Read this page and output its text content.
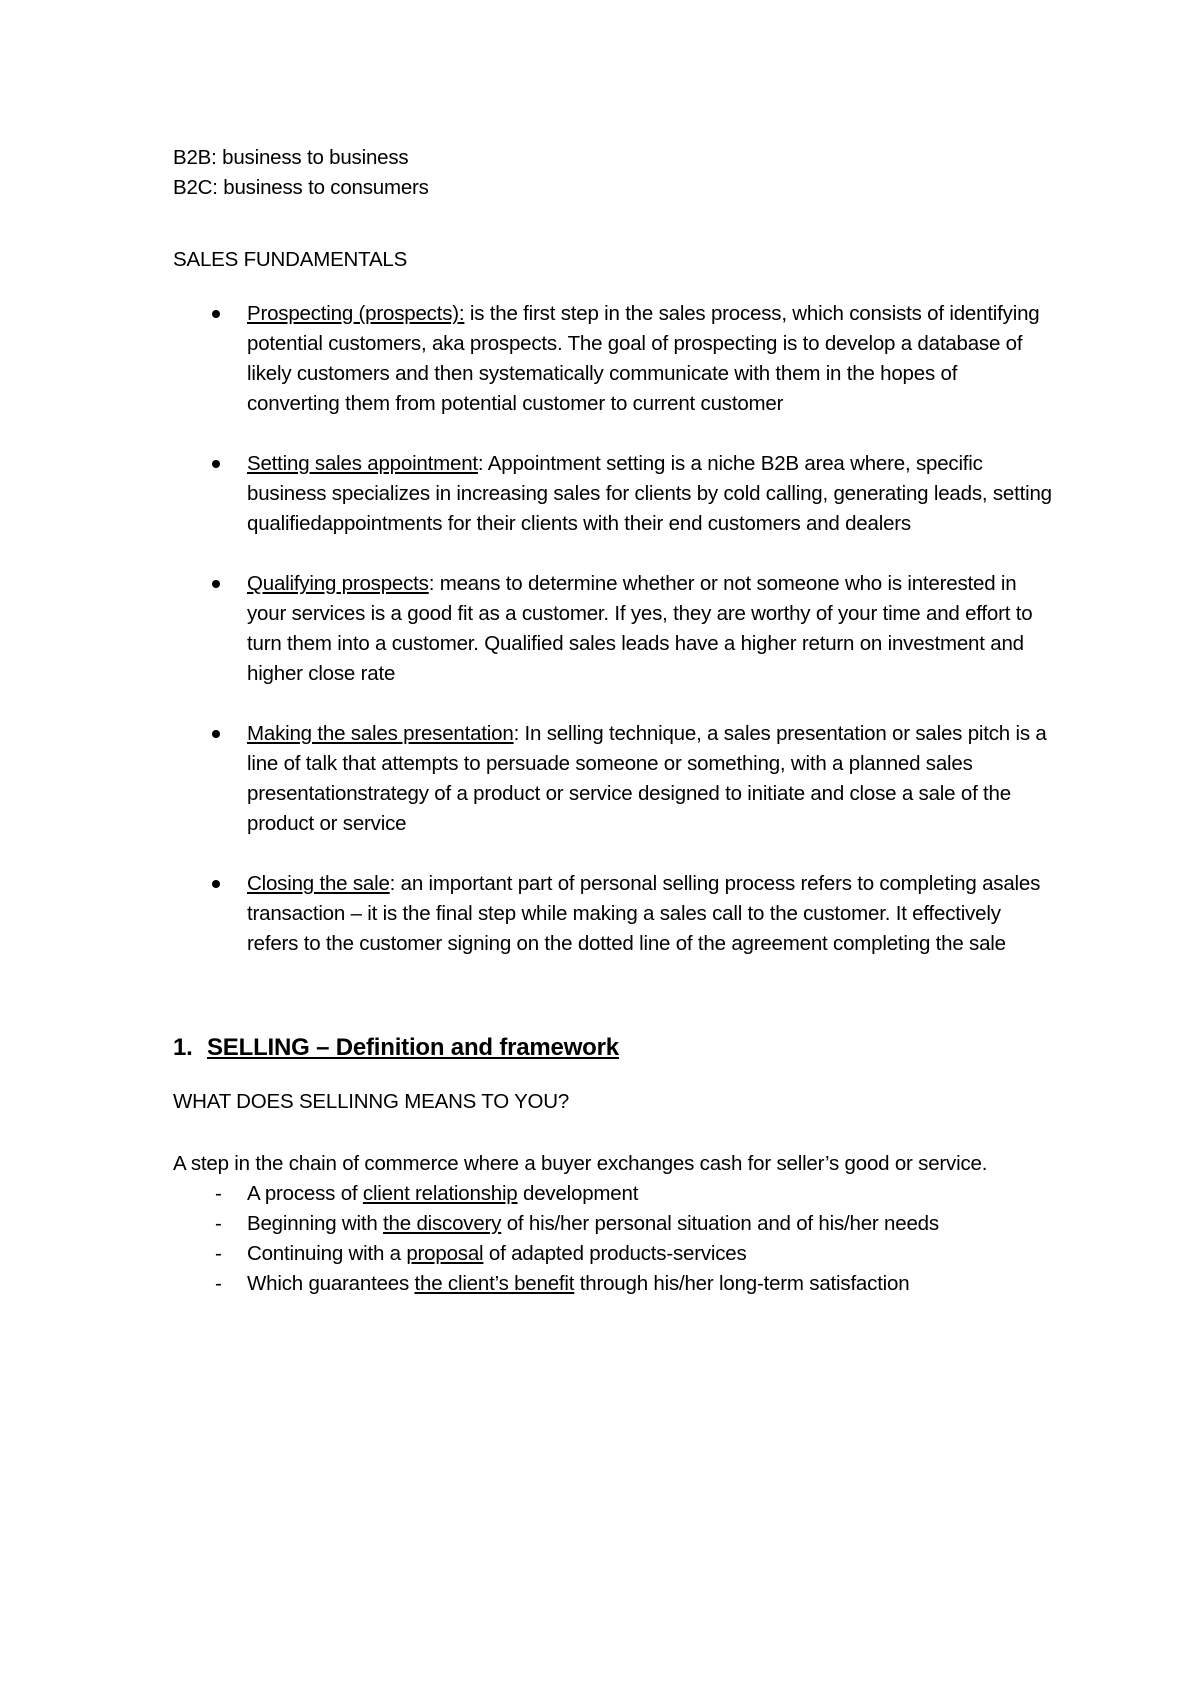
B2B: business to business
B2C: business to consumers
SALES FUNDAMENTALS
Prospecting (prospects): is the first step in the sales process, which consists of identifying potential customers, aka prospects. The goal of prospecting is to develop a database of likely customers and then systematically communicate with them in the hopes of converting them from potential customer to current customer
Setting sales appointment: Appointment setting is a niche B2B area where, specific business specializes in increasing sales for clients by cold calling, generating leads, setting qualifiedappointments for their clients with their end customers and dealers
Qualifying prospects: means to determine whether or not someone who is interested in your services is a good fit as a customer. If yes, they are worthy of your time and effort to turn them into a customer. Qualified sales leads have a higher return on investment and higher close rate
Making the sales presentation: In selling technique, a sales presentation or sales pitch is a line of talk that attempts to persuade someone or something, with a planned sales presentationstrategy of a product or service designed to initiate and close a sale of the product or service
Closing the sale: an important part of personal selling process refers to completing asales transaction – it is the final step while making a sales call to the customer. It effectively refers to the customer signing on the dotted line of the agreement completing the sale
1. SELLING – Definition and framework
WHAT DOES SELLINNG MEANS TO YOU?
A step in the chain of commerce where a buyer exchanges cash for seller’s good or service.
- A process of client relationship development
- Beginning with the discovery of his/her personal situation and of his/her needs
- Continuing with a proposal of adapted products-services
- Which guarantees the client’s benefit through his/her long-term satisfaction
